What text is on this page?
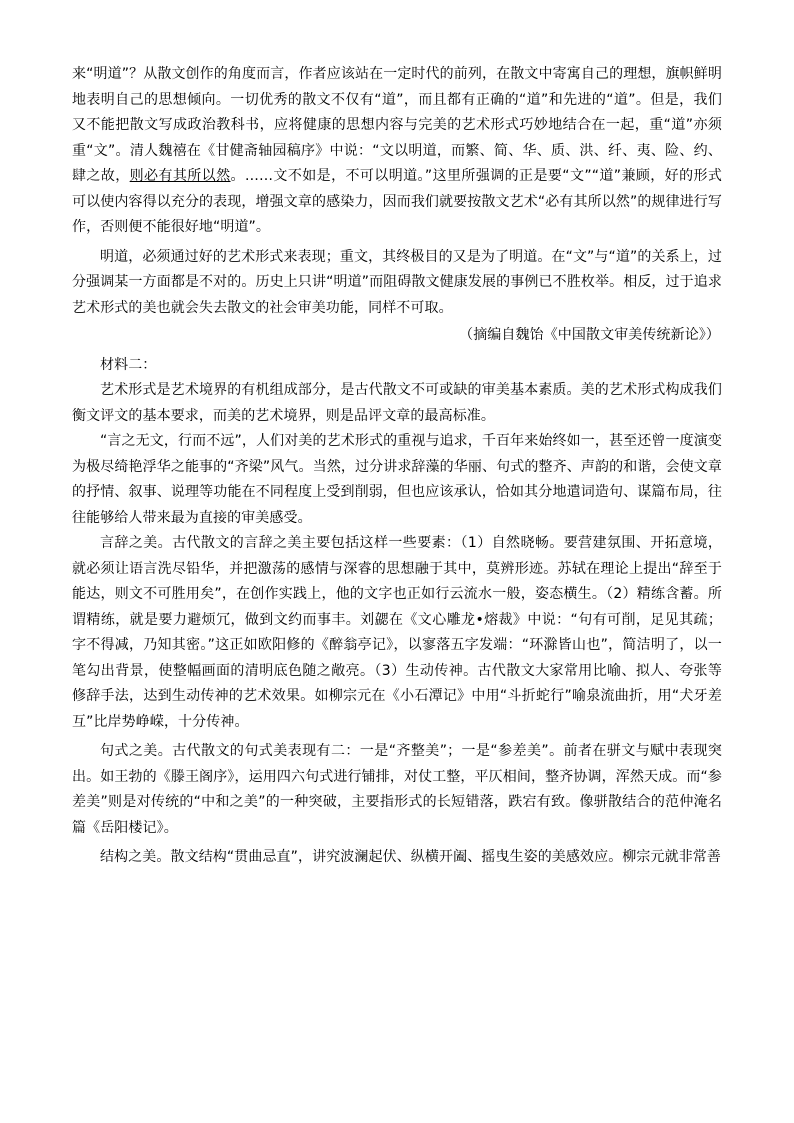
来“明道”？从散文创作的角度而言，作者应该站在一定时代的前列，在散文中寄寓自己的理想，旗帜鲜明地表明自己的思想倾向。一切优秀的散文不仅有“道”，而且都有正确的“道”和先进的“道”。但是，我们又不能把散文写成政治教科书，应将健康的思想内容与完美的艺术形式巧妙地结合在一起，重“道”亦须重“文”。清人魏禧在《甘健斋轴园稿序》中说：“文以明道，而繁、简、华、质、洪、纤、夷、险、约、肆之故，则必有其所以然。……文不如是，不可以明道。”这里所强调的正是要“文”“道”兼顾，好的形式可以使内容得以充分的表现，增强文章的感染力，因而我们就要按散文艺术“必有其所以然”的规律进行写作，否则便不能很好地“明道”。

明道，必须通过好的艺术形式来表现；重文，其终极目的又是为了明道。在“文”与“道”的关系上，过分强调某一方面都是不对的。历史上只讲“明道”而阻碍散文健康发展的事例已不胜枚举。相反，过于追求艺术形式的美也就会失去散文的社会审美功能，同样不可取。

（摘编自魏饴《中国散文审美传统新论》）

材料二：

艺术形式是艺术境界的有机组成部分，是古代散文不可或缺的审美基本素质。美的艺术形式构成我们衡文评文的基本要求，而美的艺术境界，则是品评文章的最高标准。

“言之无文，行而不远”，人们对美的艺术形式的重视与追求，千百年来始终如一，甚至还曾一度演变为极尽绮艳浮华之能事的“齐梁”风气。当然，过分讲求辞藻的华丽、句式的整齐、声韵的和谐，会使文章的抒情、叙事、说理等功能在不同程度上受到削弱，但也应该承认，恰如其分地遣词造句、谋篇布局，往往能够给人带来最为直接的审美感受。

言辞之美。古代散文的言辞之美主要包括这样一些要素：（1）自然晓畅。要营建氛围、开拓意境，就必须让语言洗尽铅华，并把激荡的感情与深睿的思想融于其中，莫辨形迹。苏轼在理论上提出“辞至于能达，则文不可胜用矣”，在创作实践上，他的文字也正如行云流水一般，姿态横生。（2）精练含蓄。所谓精练，就是要力避烦冗，做到文约而事丰。刘勰在《文心雕龙•熔裁》中说：“句有可削，足见其疏；字不得减，乃知其密。”这正如欧阳修的《醉翁亭记》，以寥落五字发端：“环滁皆山也”，简洁明了，以一笔勾出背景，使整幅画面的清明底色随之敞亮。（3）生动传神。古代散文大家常用比喻、拟人、夸张等修辞手法，达到生动传神的艺术效果。如柳宗元在《小石潭记》中用“斗折蛇行”喻泉流曲折，用“犬牙差互”比岸势峥嵘，十分传神。

句式之美。古代散文的句式美表现有二：一是“齐整美”；一是“参差美”。前者在骈文与赋中表现突出。如王勃的《滕王阁序》，运用四六句式进行铺排，对仗工整，平仄相间，整齐协调，浑然天成。而“参差美”则是对传统的“中和之美”的一种突破，主要指形式的长短错落，跌宕有致。像骈散结合的范仲淹名篇《岳阳楼记》。

结构之美。散文结构“贯曲忌直”，讲究波澜起伏、纵横开阖、摇曳生姿的美感效应。柳宗元就非常善
